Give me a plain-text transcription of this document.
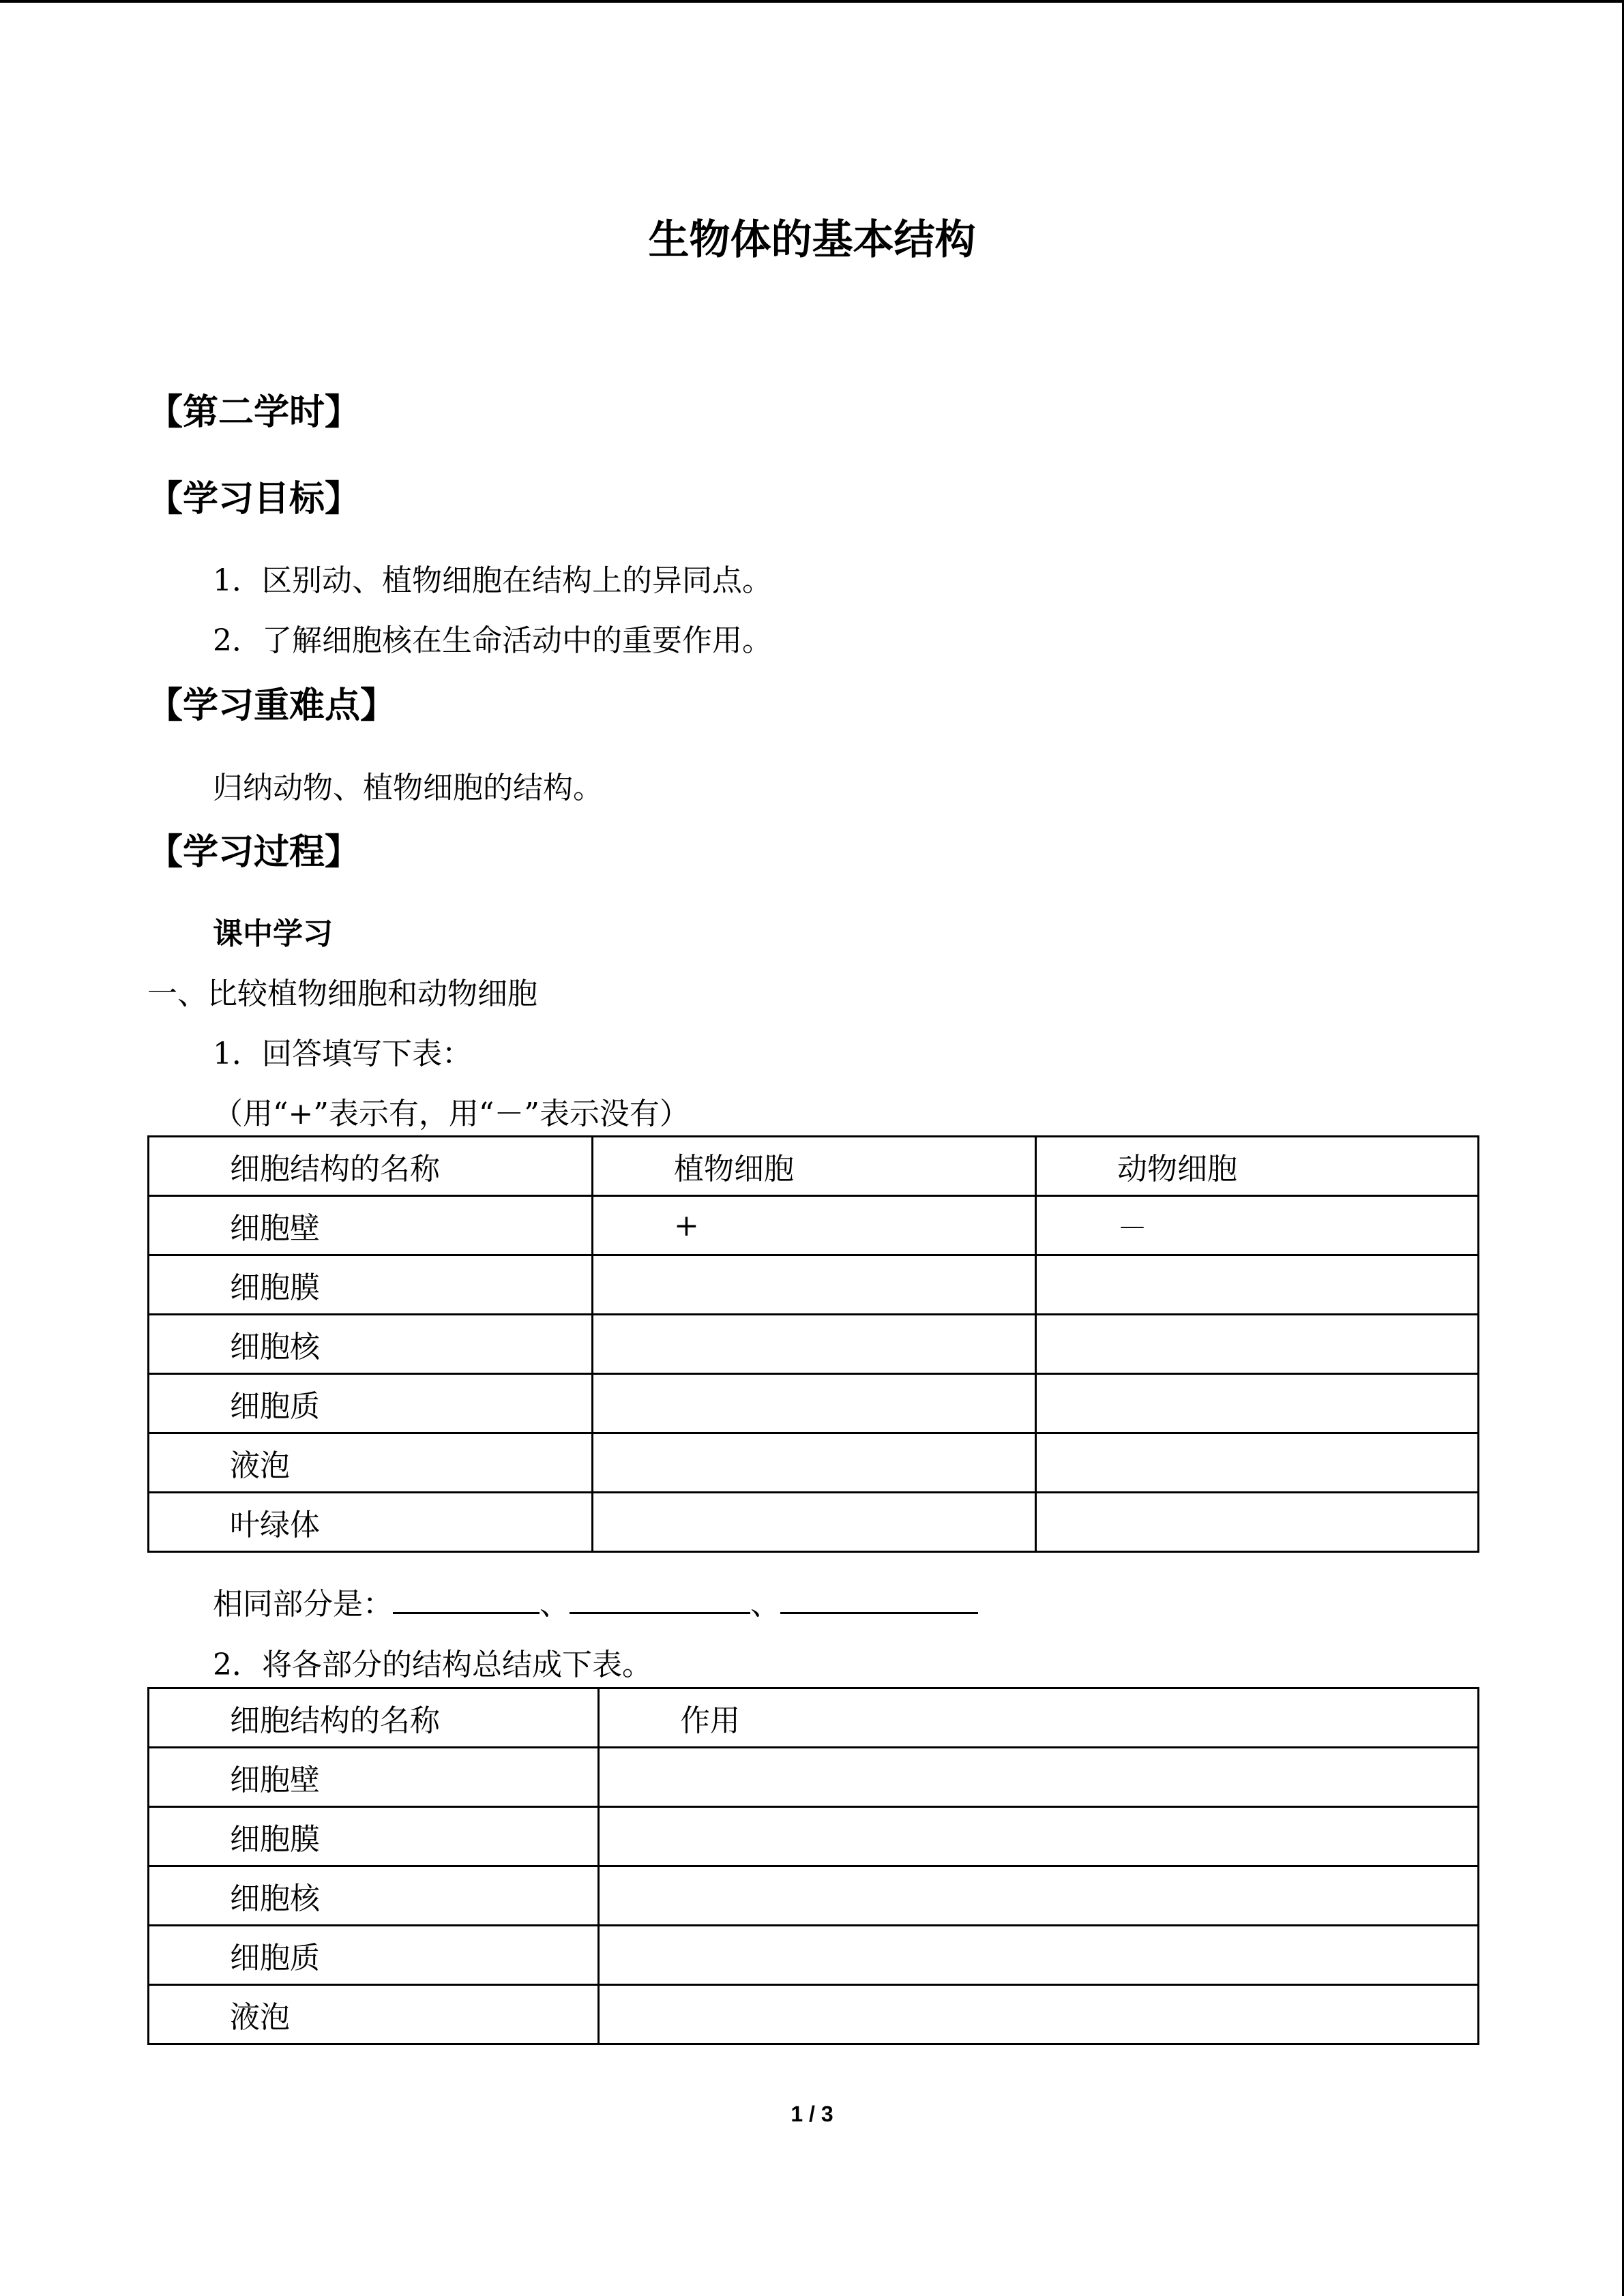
生物体的基本结构
【第二学时】
【学习目标】
1．区别动、植物细胞在结构上的异同点。
2．了解细胞核在生命活动中的重要作用。
【学习重难点】
归纳动物、植物细胞的结构。
【学习过程】
课中学习
一、比较植物细胞和动物细胞
1．回答填写下表：
（用“+”表示有，用“－”表示没有）
细胞结构的名称	植物细胞	动物细胞
细胞壁	+	－
细胞膜		
细胞核		
细胞质		
液泡		
叶绿体		
相同部分是：	、	、
2．将各部分的结构总结成下表。
细胞结构的名称	作用
细胞壁	
细胞膜	
细胞核	
细胞质	
液泡	
1 / 3
